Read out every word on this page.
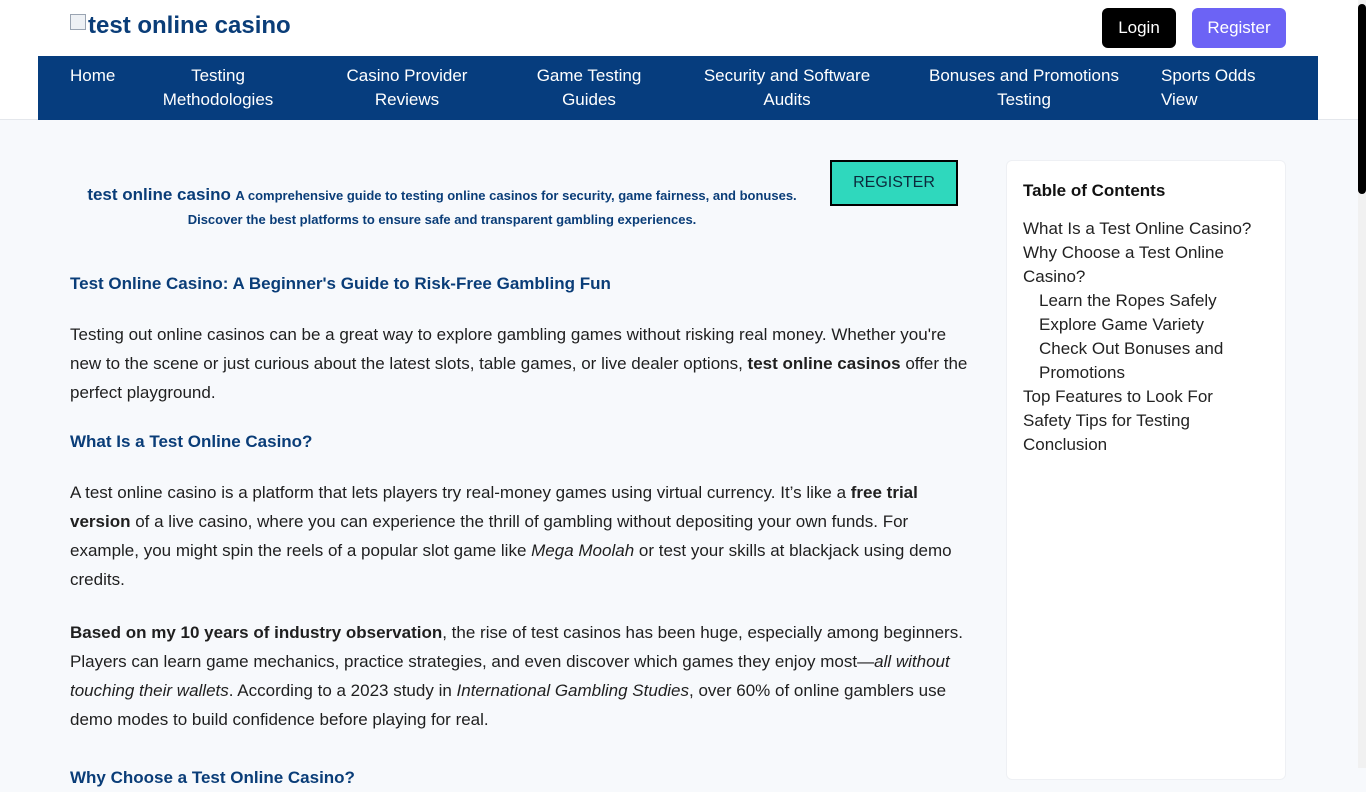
test online casino	Login	Register
Home	Testing Methodologies
Casino Provider Reviews
Game Testing Guides
Security and Software Audits
Bonuses and Promotions Testing
Sports Odds View
test online casino A comprehensive guide to testing online casinos for security, game fairness, and bonuses. Discover the best platforms to ensure safe and transparent gambling experiences.
REGISTER
Test Online Casino: A Beginner's Guide to Risk-Free Gambling Fun

Testing out online casinos can be a great way to explore gambling games without risking real money. Whether you're new to the scene or just curious about the latest slots, table games, or live dealer options, test online casinos offer the perfect playground.

What Is a Test Online Casino?

A test online casino is a platform that lets players try real-money games using virtual currency. It’s like a free trial version of a live casino, where you can experience the thrill of gambling without depositing your own funds. For example, you might spin the reels of a popular slot game like Mega Moolah or test your skills at blackjack using demo credits.

Based on my 10 years of industry observation, the rise of test casinos has been huge, especially among beginners. Players can learn game mechanics, practice strategies, and even discover which games they enjoy most—all without touching their wallets. According to a 2023 study in International Gambling Studies, over 60% of online gamblers use demo modes to build confidence before playing for real.

Why Choose a Test Online Casino?
Table of Contents
What Is a Test Online Casino?
Why Choose a Test Online Casino?
Learn the Ropes Safely
Explore Game Variety
Check Out Bonuses and Promotions
Top Features to Look For
Safety Tips for Testing
Conclusion
